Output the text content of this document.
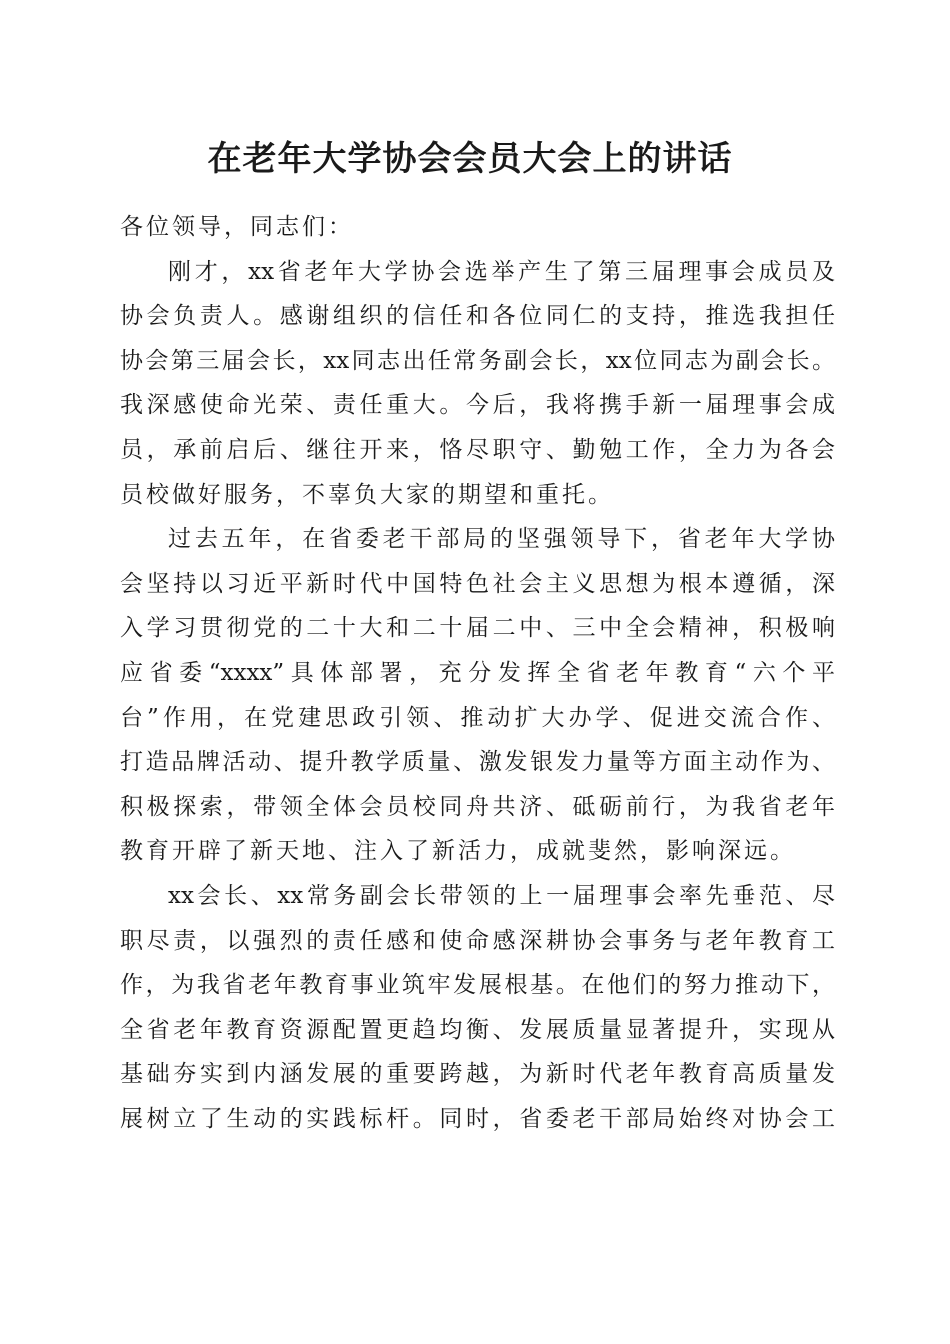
在老年大学协会会员大会上的讲话
各位领导，同志们：
刚才，xx省老年大学协会选举产生了第三届理事会成员及
协会负责人。感谢组织的信任和各位同仁的支持，推选我担任
协会第三届会长，xx同志出任常务副会长，xx位同志为副会长。
我深感使命光荣、责任重大。今后，我将携手新一届理事会成
员，承前启后、继往开来，恪尽职守、勤勉工作，全力为各会
员校做好服务，不辜负大家的期望和重托。
过去五年，在省委老干部局的坚强领导下，省老年大学协
会坚持以习近平新时代中国特色社会主义思想为根本遵循，深
入学习贯彻党的二十大和二十届二中、三中全会精神，积极响
应省委“xxxx”具体部署，充分发挥全省老年教育“六个平
台”作用，在党建思政引领、推动扩大办学、促进交流合作、
打造品牌活动、提升教学质量、激发银发力量等方面主动作为、
积极探索，带领全体会员校同舟共济、砥砺前行，为我省老年
教育开辟了新天地、注入了新活力，成就斐然，影响深远。
xx会长、xx常务副会长带领的上一届理事会率先垂范、尽
职尽责，以强烈的责任感和使命感深耕协会事务与老年教育工
作，为我省老年教育事业筑牢发展根基。在他们的努力推动下，
全省老年教育资源配置更趋均衡、发展质量显著提升，实现从
基础夯实到内涵发展的重要跨越，为新时代老年教育高质量发
展树立了生动的实践标杆。同时，省委老干部局始终对协会工
